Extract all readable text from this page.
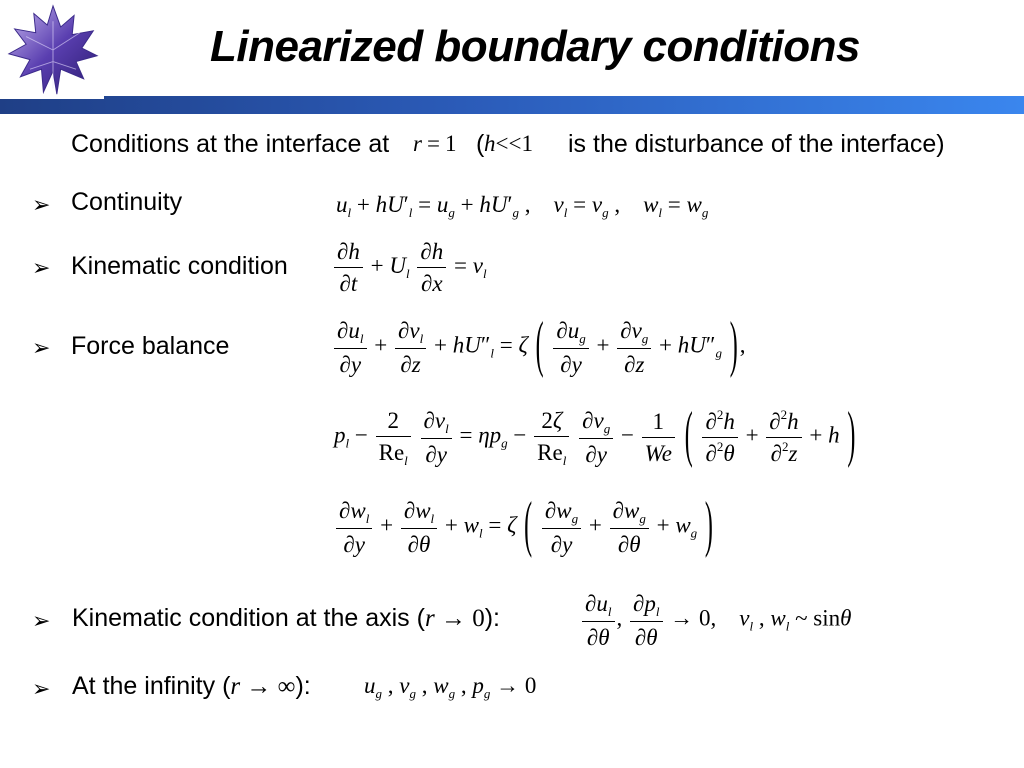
Linearized boundary conditions
Conditions at the interface at r = 1 ( h<<1 is the disturbance of the interface)
➢ Continuity	$u_l + hU'_l = u_g + hU'_g$ ,    $v_l = v_g$ ,    $w_l = w_g$
➢ Kinematic condition $\frac{\partial h}{\partial t} + U_l \frac{\partial h}{\partial x} = v_l$
➢ Force balance	$\frac{\partial u_l}{\partial y} + \frac{\partial v_l}{\partial z} + hU''_l = \zeta$ ( $\frac{\partial u_g}{\partial y} + \frac{\partial v_g}{\partial z} + hU''_g$ ),
$p_l - \frac{2}{Re_l}$
$\frac{\partial v_l}{\partial y} = \eta p_g - \frac{2\zeta}{Re_l}$
$\frac{\partial v_g}{\partial y} - \frac{1}{We}$ ( $\frac{\partial^2h}{\partial^2\theta} + \frac{\partial^2h}{\partial^2z} + h$ )
$\frac{\partial w_l}{\partial y} + \frac{\partial w_l}{\partial\theta} + w_l = \zeta$ ( $\frac{\partial w_g}{\partial y} + \frac{\partial w_g}{\partial\theta} + w_g$ )
➢ Kinematic condition at the axis (r → 0):	$\frac{\partial u_l}{\partial\theta}$ , $\frac{\partial p_l}{\partial\theta} \to 0$,    $v_l$ , $w_l$ ~ sinθ
➢ At the infinity (r → ∞): $u_g$ , $v_g$ , $w_g$ , $p_g \to 0$
